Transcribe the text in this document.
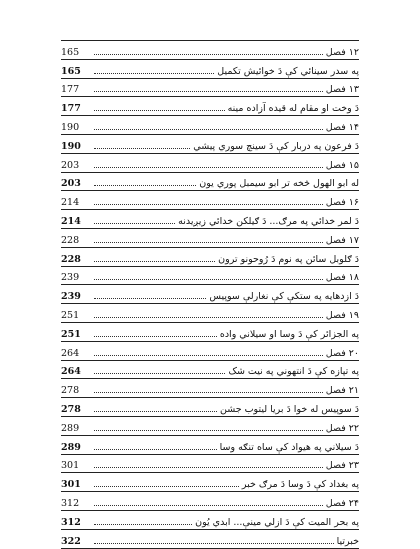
165	۱۲ فصل
165	په سدر سینائي کې دَ خوائيش تکميل
177	۱۳ فصل
177	دَ وخت او مقام له قيده آزاده مينه
190	۱۴ فصل
190	دَ فرعون په دربار کې دَ سينچ سوري پيشي
203	۱۵ فصل
203	له ابو الهول څخه تر ابو سيمبل پوري يون
214	۱۶ فصل
214	دَ لمر خدائي په مرګ... دَ ګيلکن خدائي زيږيدنه
228	۱۷ فصل
228	دَ ګلوبل سائن په نوم دَ رُوحونو ترون
239	۱۸ فصل
239	دَ ازدهايه په ستکې کې نغارلې سوپيس
251	۱۹ فصل
251	په الجزائر کې دَ وسا او سيلاني واده
264	۲۰ فصل
264	په تپازه کې دَ انتهوني په نيت شک
278	۲۱ فصل
278	دَ سوپيس له خوا دَ بريا ليتوب جشن
289	۲۲ فصل
289	دَ سيلاني په هيواد کې ساه تنګه وسا
301	۲۳ فصل
301	په بغداد کې دَ وسا دَ مرګ خبر
312	۲۴ فصل
312	په بحر الميت کې دَ ازلي مينې... ابدي يُون
322	خبرتيا
